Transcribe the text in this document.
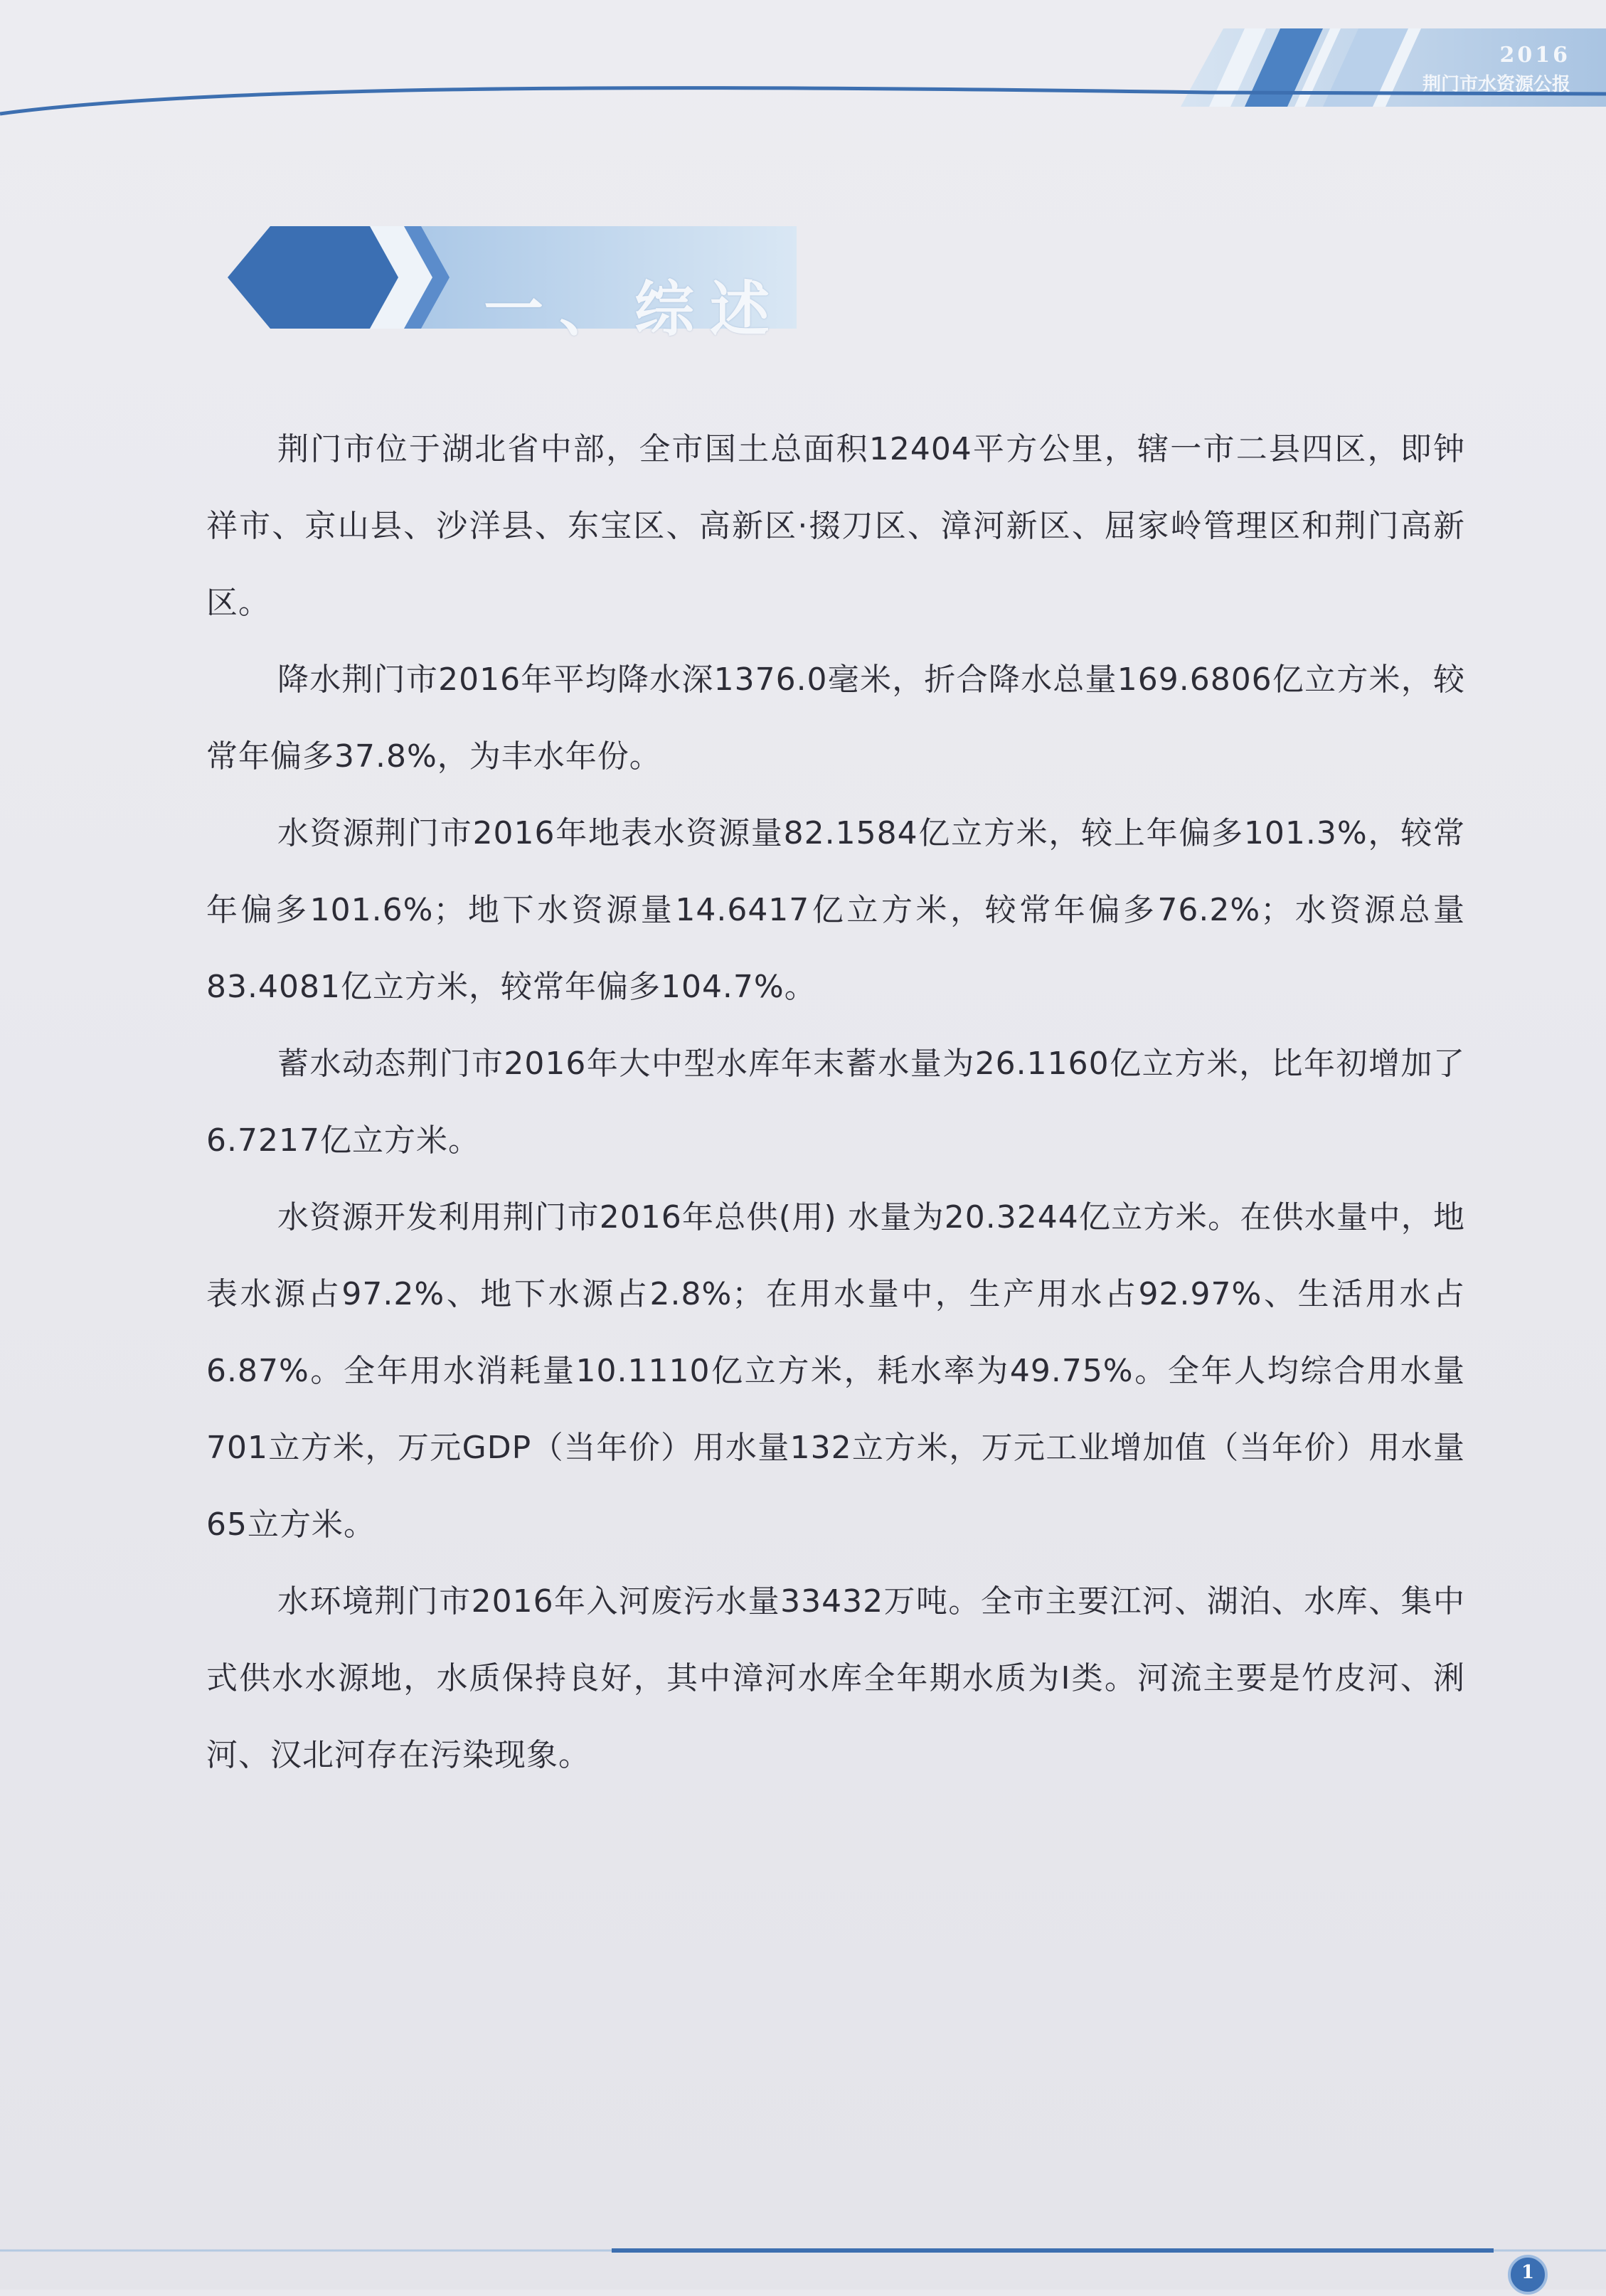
2016
荆门市水资源公报
一、综述

荆门市位于湖北省中部，全市国土总面积12404平方公里，辖一市二县四区，即钟祥市、京山县、沙洋县、东宝区、高新区·掇刀区、漳河新区、屈家岭管理区和荆门高新区。

降水荆门市2016年平均降水深1376.0毫米，折合降水总量169.6806亿立方米，较常年偏多37.8%，为丰水年份。

水资源荆门市2016年地表水资源量82.1584亿立方米，较上年偏多101.3%，较常年偏多101.6%；地下水资源量14.6417亿立方米，较常年偏多76.2%；水资源总量83.4081亿立方米，较常年偏多104.7%。

蓄水动态荆门市2016年大中型水库年末蓄水量为26.1160亿立方米，比年初增加了6.7217亿立方米。

水资源开发利用荆门市2016年总供(用) 水量为20.3244亿立方米。在供水量中，地表水源占97.2%、地下水源占2.8%；在用水量中，生产用水占92.97%、生活用水占6.87%。全年用水消耗量10.1110亿立方米，耗水率为49.75%。全年人均综合用水量701立方米，万元GDP（当年价）用水量132立方米，万元工业增加值（当年价）用水量65立方米。

水环境荆门市2016年入河废污水量33432万吨。全市主要江河、湖泊、水库、集中式供水水源地，水质保持良好，其中漳河水库全年期水质为Ⅰ类。河流主要是竹皮河、浰河、汉北河存在污染现象。

1
